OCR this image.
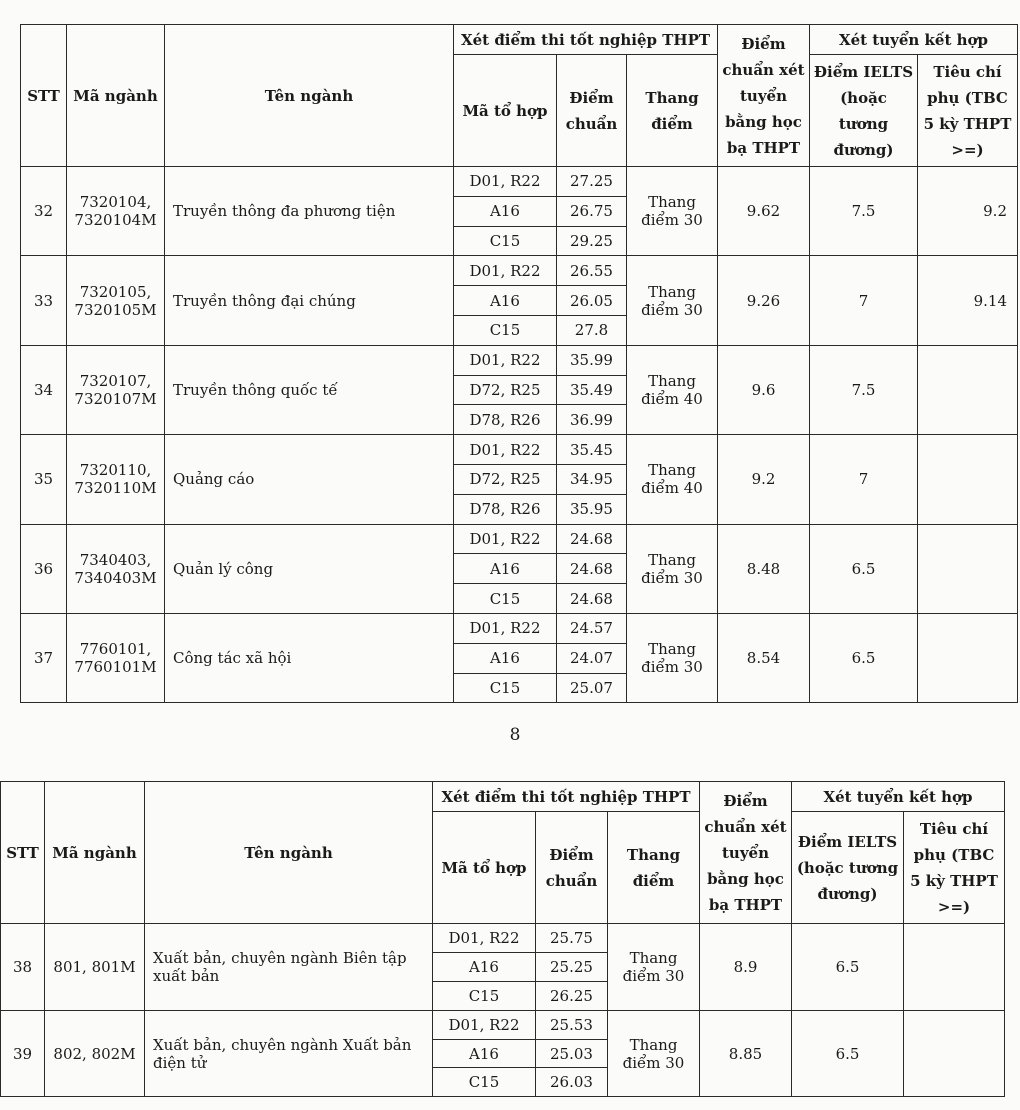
STT	Mã ngành	Tên ngành	Xét điểm thi tốt nghiệp THPT			Điểm chuẩn xét tuyển bằng học bạ THPT	Xét tuyển kết hợp	
			Mã tổ hợp	Điểm chuẩn	Thang điểm		Điểm IELTS (hoặc tương đương)	Tiêu chí phụ (TBC 5 kỳ THPT >=)
32	7320104, 7320104M	Truyền thông đa phương tiện	D01, R22	27.25	Thang điểm 30	9.62	7.5	9.2
			A16	26.75				
			C15	29.25				
33	7320105, 7320105M	Truyền thông đại chúng	D01, R22	26.55	Thang điểm 30	9.26	7	9.14
			A16	26.05				
			C15	27.8				
34	7320107, 7320107M	Truyền thông quốc tế	D01, R22	35.99	Thang điểm 40	9.6	7.5	
			D72, R25	35.49				
			D78, R26	36.99				
35	7320110, 7320110M	Quảng cáo	D01, R22	35.45	Thang điểm 40	9.2	7	
			D72, R25	34.95				
			D78, R26	35.95				
36	7340403, 7340403M	Quản lý công	D01, R22	24.68	Thang điểm 30	8.48	6.5	
			A16	24.68				
			C15	24.68				
37	7760101, 7760101M	Công tác xã hội	D01, R22	24.57	Thang điểm 30	8.54	6.5	
			A16	24.07				
			C15	25.07				
8
STT	Mã ngành	Tên ngành	Xét điểm thi tốt nghiệp THPT			Điểm chuẩn xét tuyển bằng học bạ THPT	Xét tuyển kết hợp	
			Mã tổ hợp	Điểm chuẩn	Thang điểm		Điểm IELTS (hoặc tương đương)	Tiêu chí phụ (TBC 5 kỳ THPT >=)
38	801, 801M	Xuất bản, chuyên ngành Biên tập xuất bản	D01, R22	25.75	Thang điểm 30	8.9	6.5	
			A16	25.25				
			C15	26.25				
39	802, 802M	Xuất bản, chuyên ngành Xuất bản điện tử	D01, R22	25.53	Thang điểm 30	8.85	6.5	
			A16	25.03				
			C15	26.03				
